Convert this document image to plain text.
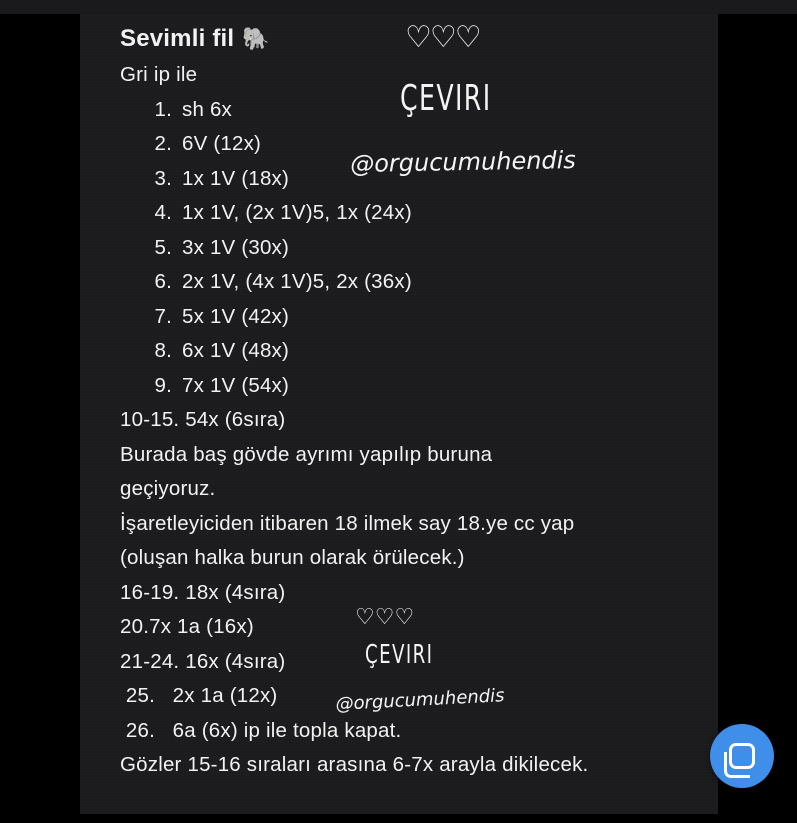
Sevimli fil 🐘
Gri ip ile
1. sh 6x
2. 6V (12x)
3. 1x 1V (18x)
4. 1x 1V, (2x 1V)5, 1x (24x)
5. 3x 1V (30x)
6. 2x 1V, (4x 1V)5, 2x (36x)
7. 5x 1V (42x)
8. 6x 1V (48x)
9. 7x 1V (54x)
10-15. 54x (6sıra)
Burada baş gövde ayrımı yapılıp buruna
geçiyoruz.
İşaretleyiciden itibaren 18 ilmek say 18.ye cc yap
(oluşan halka burun olarak örülecek.)
16-19. 18x (4sıra)
20.7x 1a (16x)
21-24. 16x (4sıra)
25.   2x 1a (12x)
26.   6a (6x) ip ile topla kapat.
Gözler 15-16 sıraları arasına 6-7x arayla dikilecek.
♡♡♡
ÇEVIRI
@orgucumuhendis
♡♡♡
ÇEVIRI
@orgucumuhendis
